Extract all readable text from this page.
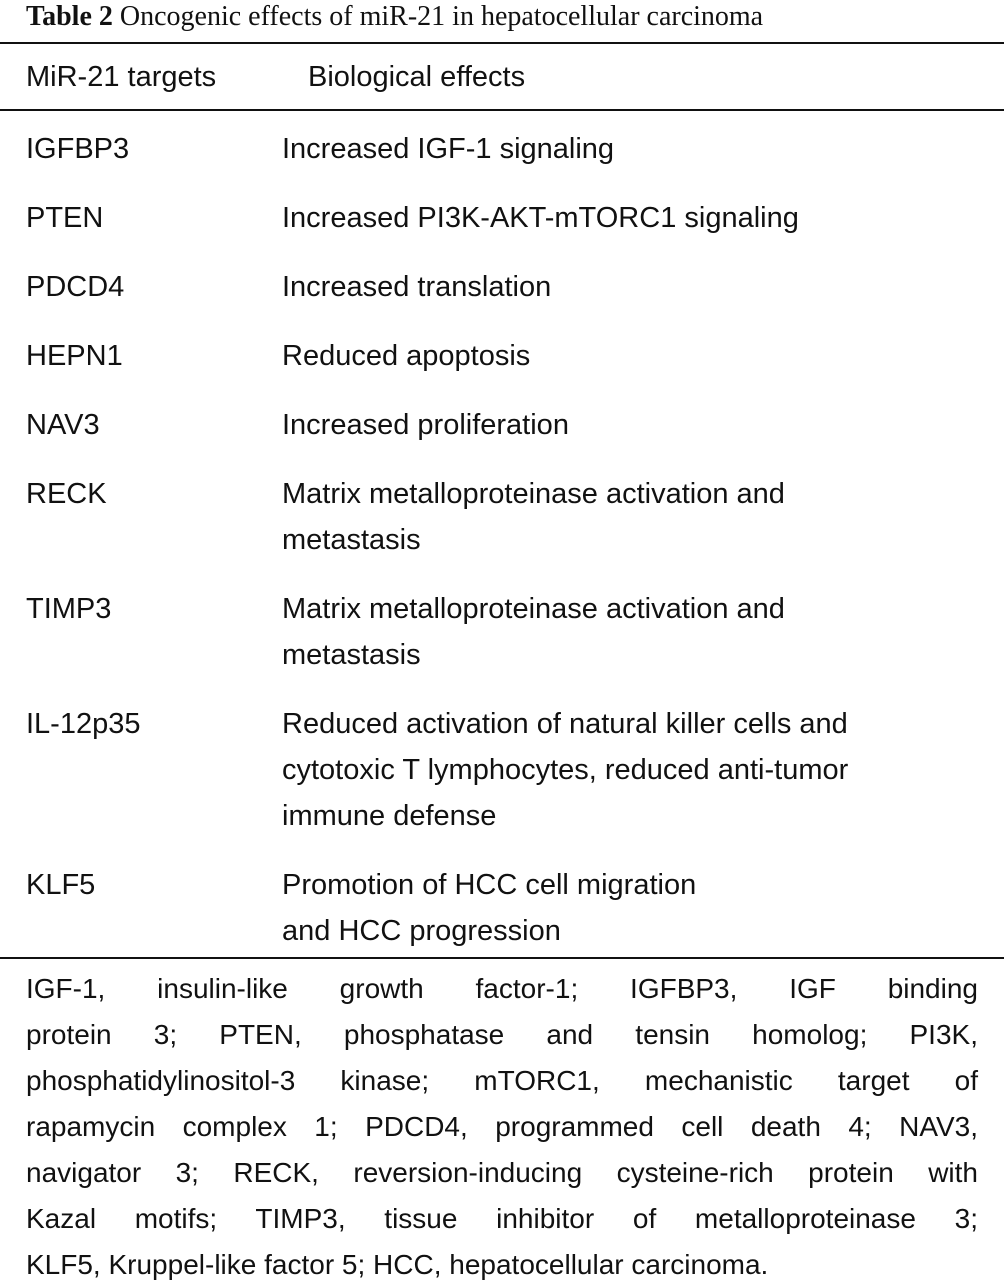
Table 2 Oncogenic effects of miR-21 in hepatocellular carcinoma
MiR-21 targets	Biological effects
IGFBP3	Increased IGF-1 signaling
PTEN	Increased PI3K-AKT-mTORC1 signaling
PDCD4	Increased translation
HEPN1	Reduced apoptosis
NAV3	Increased proliferation
RECK	Matrix metalloproteinase activation and
metastasis
TIMP3	Matrix metalloproteinase activation and
metastasis
IL-12p35	Reduced activation of natural killer cells and
cytotoxic T lymphocytes, reduced anti-tumor
immune defense
KLF5	Promotion of HCC cell migration
and HCC progression
IGF-1, insulin-like growth factor-1; IGFBP3, IGF binding
protein 3; PTEN, phosphatase and tensin homolog; PI3K,
phosphatidylinositol-3 kinase; mTORC1, mechanistic target of
rapamycin complex 1; PDCD4, programmed cell death 4; NAV3,
navigator 3; RECK, reversion-inducing cysteine-rich protein with
Kazal motifs; TIMP3, tissue inhibitor of metalloproteinase 3;
KLF5, Kruppel-like factor 5; HCC, hepatocellular carcinoma.
